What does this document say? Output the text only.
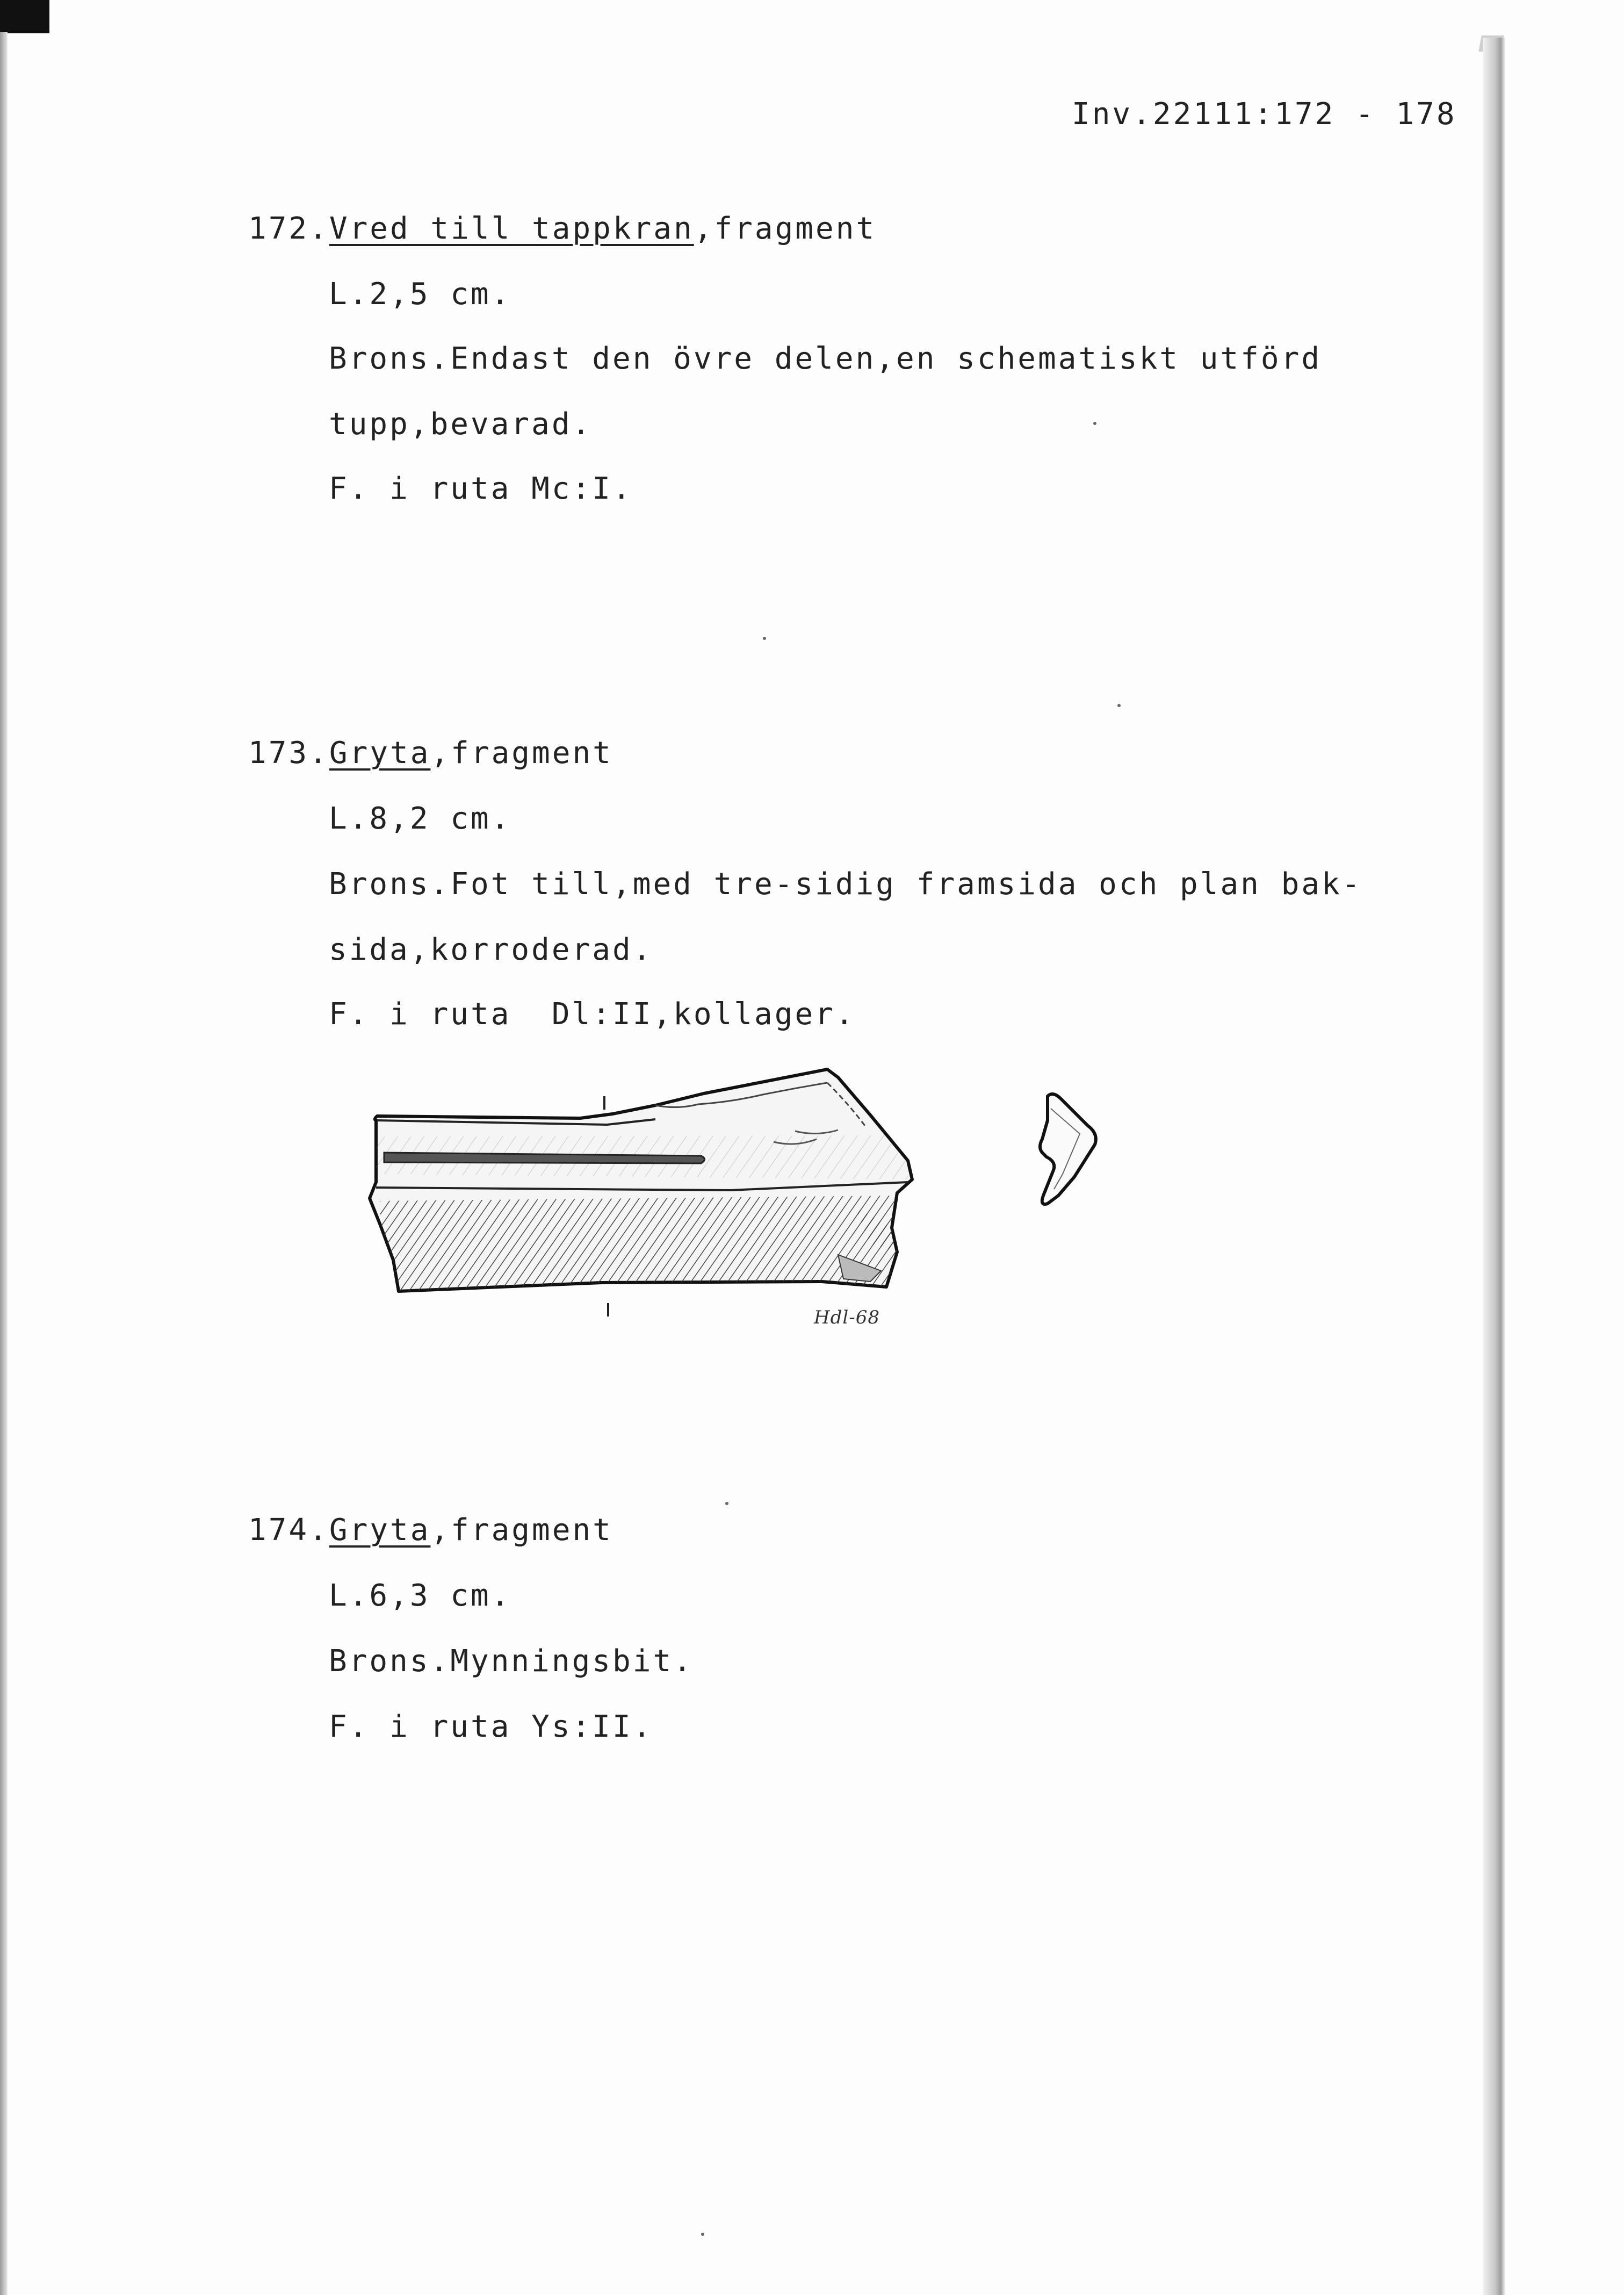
Inv.22111:172 - 178
172.Vred till tappkran,fragment
L.2,5 cm.
Brons.Endast den övre delen,en schematiskt utförd
tupp,bevarad.
F. i ruta Mc:I.
173.Gryta,fragment
L.8,2 cm.
Brons.Fot till,med tre-sidig framsida och plan bak-
sida,korroderad.
F. i ruta  Dl:II,kollager.
Hdl-68
174.Gryta,fragment
L.6,3 cm.
Brons.Mynningsbit.
F. i ruta Ys:II.
